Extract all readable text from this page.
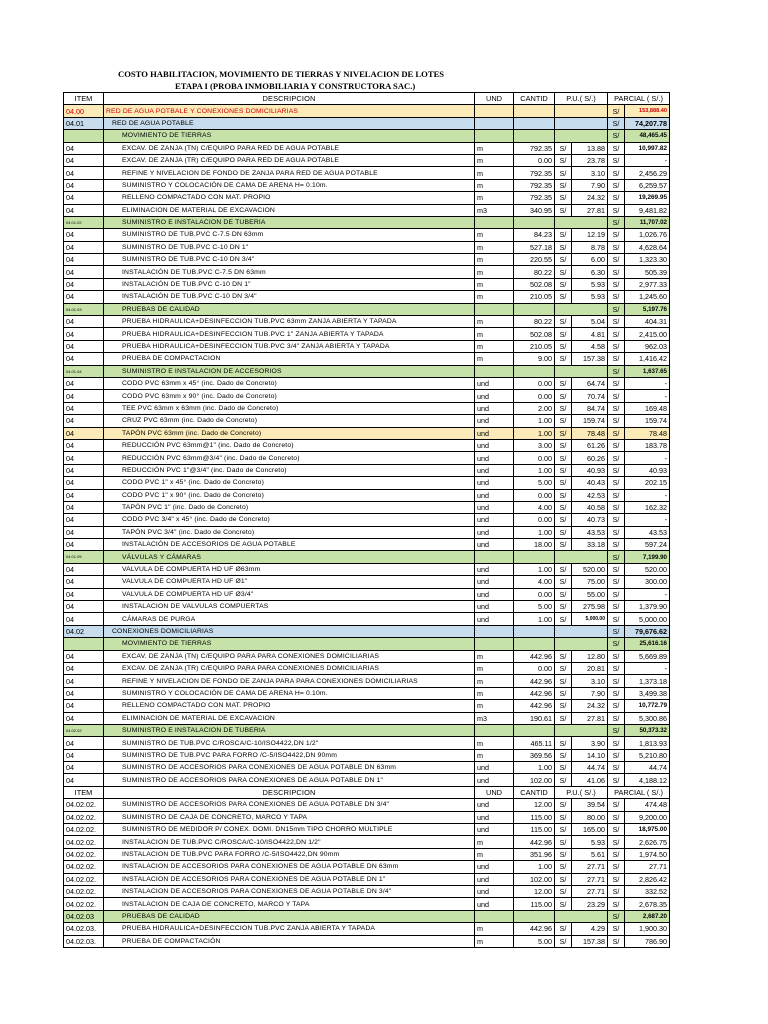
COSTO HABILITACION, MOVIMIENTO DE TIERRAS Y NIVELACION DE LOTES
ETAPA I (PROBA INMOBILIARIA Y CONSTRUCTORA SAC.)
ITEM	DESCRIPCION	UND	CANTID	P.U.( S/.)		PARCIAL ( S/.)	
04.00	RED DE AGUA POTBALE Y CONEXIONES DOMICILIARIAS					S/	153,888.40
04.01	RED DE AGUA POTABLE					S/	74,207.78
	MOVIMIENTO DE TIERRAS					S/	48,465.45
04	EXCAV. DE ZANJA (TN) C/EQUIPO PARA RED DE AGUA POTABLE	m	792.35	S/	13.88	S/	10,997.82
04	EXCAV. DE ZANJA (TR) C/EQUIPO PARA RED DE AGUA POTABLE	m	0.00	S/	23.78	S/	-
04	REFINE Y NIVELACION DE FONDO DE ZANJA PARA RED DE AGUA POTABLE	m	792.35	S/	3.10	S/	2,456.29
04	SUMINISTRO Y COLOCACIÓN DE CAMA DE ARENA H= 0.10m.	m	792.35	S/	7.90	S/	6,259.57
04	RELLENO COMPACTADO CON MAT. PROPIO	m	792.35	S/	24.32	S/	19,269.95
04	ELIMINACION DE MATERIAL DE EXCAVACION	m3	340.95	S/	27.81	S/	9,481.82
04.01.02	SUMINISTRO E INSTALACION DE TUBERIA					S/	11,707.02
04	SUMINISTRO DE TUB.PVC C-7.5 DN 63mm	m	84.23	S/	12.19	S/	1,026.76
04	SUMINISTRO DE TUB.PVC C-10 DN 1"	m	527.18	S/	8.78	S/	4,628.64
04	SUMINISTRO DE TUB.PVC C-10 DN 3/4"	m	220.55	S/	6.00	S/	1,323.30
04	INSTALACIÓN DE TUB.PVC C-7.5 DN 63mm	m	80.22	S/	6.30	S/	505.39
04	INSTALACIÓN DE TUB.PVC C-10 DN 1"	m	502.08	S/	5.93	S/	2,977.33
04	INSTALACIÓN DE TUB.PVC C-10 DN 3/4"	m	210.05	S/	5.93	S/	1,245.60
04.01.03	PRUEBAS DE CALIDAD					S/	5,197.76
04	PRUEBA HIDRAULICA+DESINFECCION TUB.PVC 63mm ZANJA ABIERTA Y TAPADA	m	80.22	S/	5.04	S/	404.31
04	PRUEBA HIDRAULICA+DESINFECCION TUB.PVC 1" ZANJA ABIERTA Y TAPADA	m	502.08	S/	4.81	S/	2,415.00
04	PRUEBA HIDRAULICA+DESINFECCION TUB.PVC 3/4" ZANJA ABIERTA Y TAPADA	m	210.05	S/	4.58	S/	962.03
04	PRUEBA DE COMPACTACION	m	9.00	S/	157.38	S/	1,416.42
04.01.04	SUMINISTRO E INSTALACION DE ACCESORIOS					S/	1,637.65
04	CODO PVC 63mm x 45° (inc. Dado de Concreto)	und	0.00	S/	64.74	S/	-
04	CODO PVC 63mm x 90° (inc. Dado de Concreto)	und	0.00	S/	70.74	S/	-
04	TEE PVC 63mm x 63mm (inc. Dado de Concreto)	und	2.00	S/	84.74	S/	169.48
04	CRUZ PVC 63mm (inc. Dado de Concreto)	und	1.00	S/	159.74	S/	159.74
04	TAPÓN PVC 63mm (inc. Dado de Concreto)	und	1.00	S/	78.48	S/	78.48
04	REDUCCIÓN PVC 63mm@1" (inc. Dado de Concreto)	und	3.00	S/	61.26	S/	183.78
04	REDUCCIÓN PVC 63mm@3/4" (inc. Dado de Concreto)	und	0.00	S/	60.26	S/	-
04	REDUCCIÓN PVC 1"@3/4" (inc. Dado de Concreto)	und	1.00	S/	40.93	S/	40.93
04	CODO PVC 1" x 45° (inc. Dado de Concreto)	und	5.00	S/	40.43	S/	202.15
04	CODO PVC 1" x 90° (inc. Dado de Concreto)	und	0.00	S/	42.53	S/	-
04	TAPÓN PVC 1" (inc. Dado de Concreto)	und	4.00	S/	40.58	S/	162.32
04	CODO PVC 3/4" x 45° (inc. Dado de Concreto)	und	0.00	S/	40.73	S/	-
04	TAPÓN PVC 3/4" (inc. Dado de Concreto)	und	1.00	S/	43.53	S/	43.53
04	INSTALACIÓN DE ACCESORIOS DE AGUA POTABLE	und	18.00	S/	33.18	S/	597.24
04.01.05	VÁLVULAS Y CÁMARAS					S/	7,199.90
04	VALVULA DE COMPUERTA HD UF Ø63mm	und	1.00	S/	520.00	S/	520.00
04	VALVULA DE COMPUERTA HD UF Ø1"	und	4.00	S/	75.00	S/	300.00
04	VALVULA DE COMPUERTA HD UF Ø3/4"	und	0.00	S/	55.00	S/	-
04	INSTALACION DE VALVULAS COMPUERTAS	und	5.00	S/	275.98	S/	1,379.90
04	CÁMARAS DE PURGA	und	1.00	S/	5,000.00	S/	5,000.00
04.02	CONEXIONES DOMICILIARIAS					S/	79,676.62
	MOVIMIENTO DE TIERRAS					S/	25,616.16
04	EXCAV. DE ZANJA (TN) C/EQUIPO PARA PARA CONEXIONES DOMICILIARIAS	m	442.96	S/	12.80	S/	5,669.89
04	EXCAV. DE ZANJA (TR) C/EQUIPO PARA PARA CONEXIONES DOMICILIARIAS	m	0.00	S/	20.81	S/	-
04	REFINE Y NIVELACION DE FONDO DE ZANJA PARA PARA CONEXIONES DOMICILIARIAS	m	442.96	S/	3.10	S/	1,373.18
04	SUMINISTRO Y COLOCACIÓN DE CAMA DE ARENA H= 0.10m.	m	442.96	S/	7.90	S/	3,499.38
04	RELLENO COMPACTADO CON MAT. PROPIO	m	442.96	S/	24.32	S/	10,772.79
04	ELIMINACION DE MATERIAL DE EXCAVACION	m3	190.61	S/	27.81	S/	5,300.86
04.02.02	SUMINISTRO E INSTALACION DE TUBERIA					S/	50,373.32
04	SUMINISTRO DE TUB.PVC C/ROSCA/C-10/ISO4422,DN 1/2"	m	465.11	S/	3.90	S/	1,813.93
04	SUMINISTRO DE TUB.PVC PARA FORRO /C-5/ISO4422,DN 90mm	m	369.56	S/	14.10	S/	5,210.80
04	SUMINISTRO DE ACCESORIOS PARA CONEXIONES DE AGUA POTABLE DN 63mm	und	1.00	S/	44.74	S/	44.74
04	SUMINISTRO DE ACCESORIOS PARA CONEXIONES DE AGUA POTABLE DN 1"	und	102.00	S/	41.06	S/	4,188.12
ITEM	DESCRIPCION	UND	CANTID	P.U.( S/.)		PARCIAL ( S/.)	
04.02.02.	SUMINISTRO DE ACCESORIOS PARA CONEXIONES DE AGUA POTABLE DN 3/4"	und	12.00	S/	39.54	S/	474.48
04.02.02.	SUMINISTRO DE CAJA DE CONCRETO, MARCO Y TAPA	und	115.00	S/	80.00	S/	9,200.00
04.02.02.	SUMINISTRO DE MEDIDOR P/ CONEX. DOMI. DN15mm TIPO CHORRO MULTIPLE	und	115.00	S/	165.00	S/	18,975.00
04.02.02.	INSTALACION DE TUB.PVC C/ROSCA/C-10/ISO4422,DN 1/2"	m	442.96	S/	5.93	S/	2,626.75
04.02.02.	INSTALACION DE TUB.PVC PARA FORRO /C-5/ISO4422,DN 90mm	m	351.96	S/	5.61	S/	1,974.50
04.02.02.	INSTALACION DE ACCESORIOS PARA CONEXIONES DE AGUA POTABLE DN 63mm	und	1.00	S/	27.71	S/	27.71
04.02.02.	INSTALACION DE ACCESORIOS PARA CONEXIONES DE AGUA POTABLE DN 1"	und	102.00	S/	27.71	S/	2,826.42
04.02.02.	INSTALACION DE ACCESORIOS PARA CONEXIONES DE AGUA POTABLE DN 3/4"	und	12.00	S/	27.71	S/	332.52
04.02.02.	INSTALACION DE CAJA DE CONCRETO, MARCO Y TAPA	und	115.00	S/	23.29	S/	2,678.35
04.02.03	PRUEBAS DE CALIDAD					S/	2,687.20
04.02.03.	PRUEBA HIDRAULICA+DESINFECCION TUB.PVC ZANJA ABIERTA Y TAPADA	m	442.96	S/	4.29	S/	1,900.30
04.02.03.	PRUEBA DE COMPACTACIÓN	m	5.00	S/	157.38	S/	786.90
